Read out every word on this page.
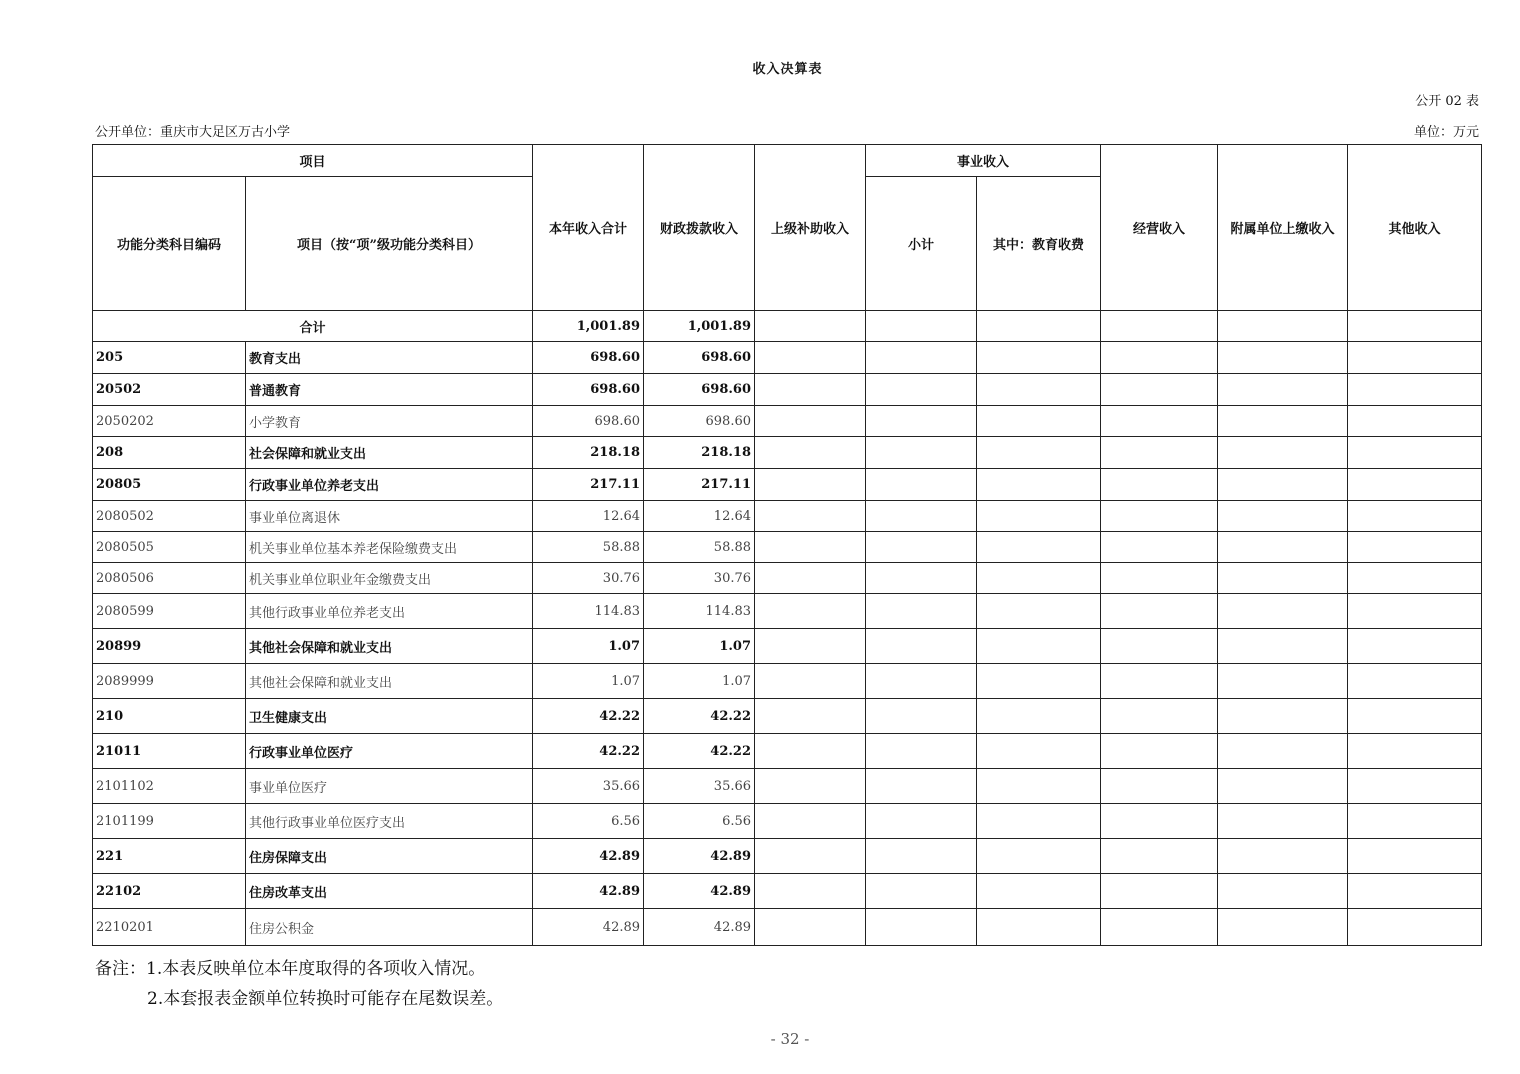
收入决算表
公开 02 表
公开单位：重庆市大足区万古小学	单位：万元
项目		本年收入合计	财政拨款收入	上级补助收入	事业收入		经营收入	附属单位上缴收入	其他收入
功能分类科目编码	项目（按“项”级功能分类科目）				小计	其中：教育收费			
合计		1,001.89	1,001.89						
205	教育支出	698.60	698.60						
20502	普通教育	698.60	698.60						
2050202	小学教育	698.60	698.60						
208	社会保障和就业支出	218.18	218.18						
20805	行政事业单位养老支出	217.11	217.11						
2080502	事业单位离退休	12.64	12.64						
2080505	机关事业单位基本养老保险缴费支出	58.88	58.88						
2080506	机关事业单位职业年金缴费支出	30.76	30.76						
2080599	其他行政事业单位养老支出	114.83	114.83						
20899	其他社会保障和就业支出	1.07	1.07						
2089999	其他社会保障和就业支出	1.07	1.07						
210	卫生健康支出	42.22	42.22						
21011	行政事业单位医疗	42.22	42.22						
2101102	事业单位医疗	35.66	35.66						
2101199	其他行政事业单位医疗支出	6.56	6.56						
221	住房保障支出	42.89	42.89						
22102	住房改革支出	42.89	42.89						
2210201	住房公积金	42.89	42.89						
备注：1.本表反映单位本年度取得的各项收入情况。
2.本套报表金额单位转换时可能存在尾数误差。
- 32 -
